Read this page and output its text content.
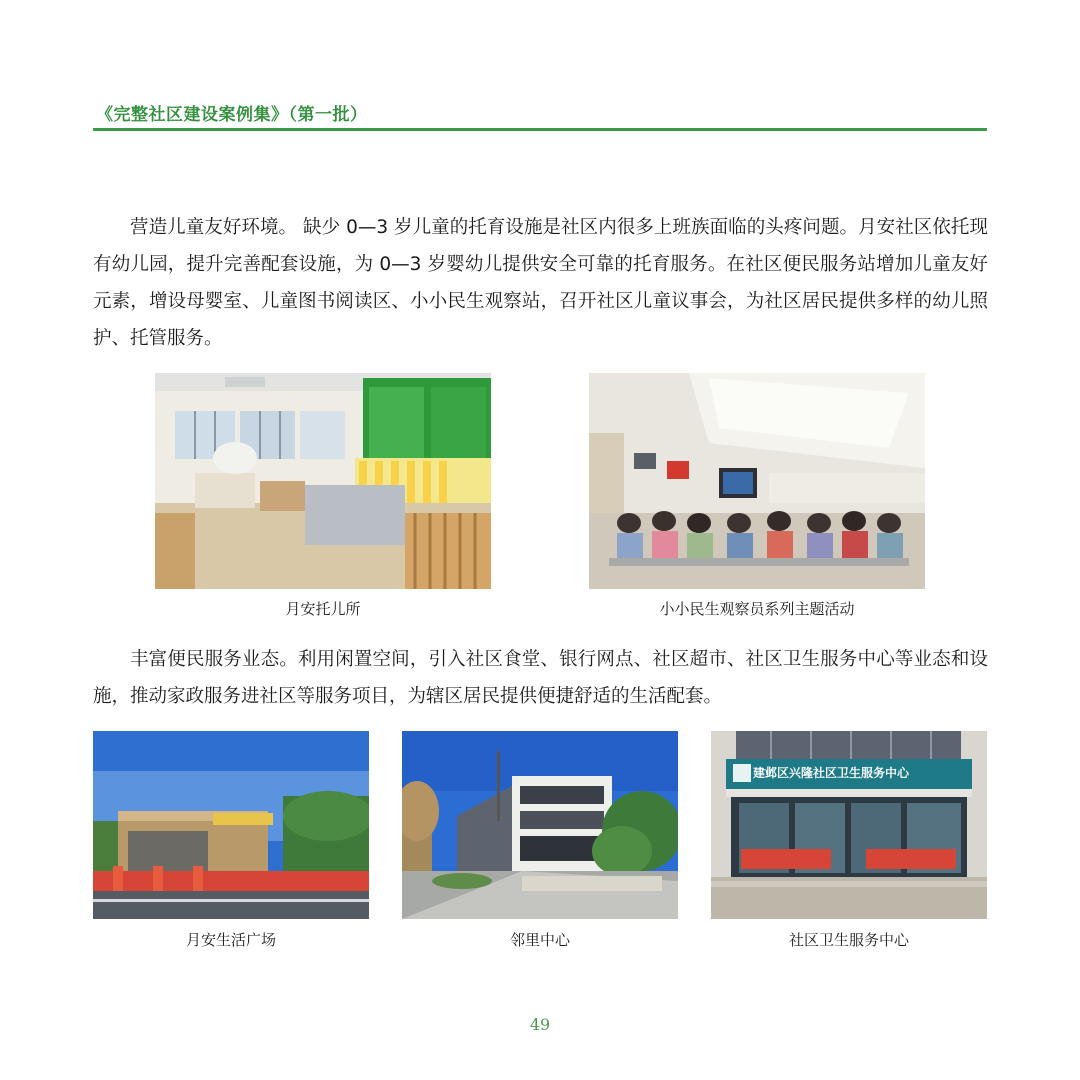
《完整社区建设案例集》（第一批）

营造儿童友好环境。 缺少 0—3 岁儿童的托育设施是社区内很多上班族面临的头疼问题。月安社区依托现有幼儿园，提升完善配套设施，为 0—3 岁婴幼儿提供安全可靠的托育服务。在社区便民服务站增加儿童友好元素，增设母婴室、儿童图书阅读区、小小民生观察站，召开社区儿童议事会，为社区居民提供多样的幼儿照护、托管服务。

月安托儿所	小小民生观察员系列主题活动

丰富便民服务业态。利用闲置空间，引入社区食堂、银行网点、社区超市、社区卫生服务中心等业态和设施，推动家政服务进社区等服务项目，为辖区居民提供便捷舒适的生活配套。

月安生活广场	邻里中心
建邺区兴隆社区卫生服务中心
社区卫生服务中心
49
